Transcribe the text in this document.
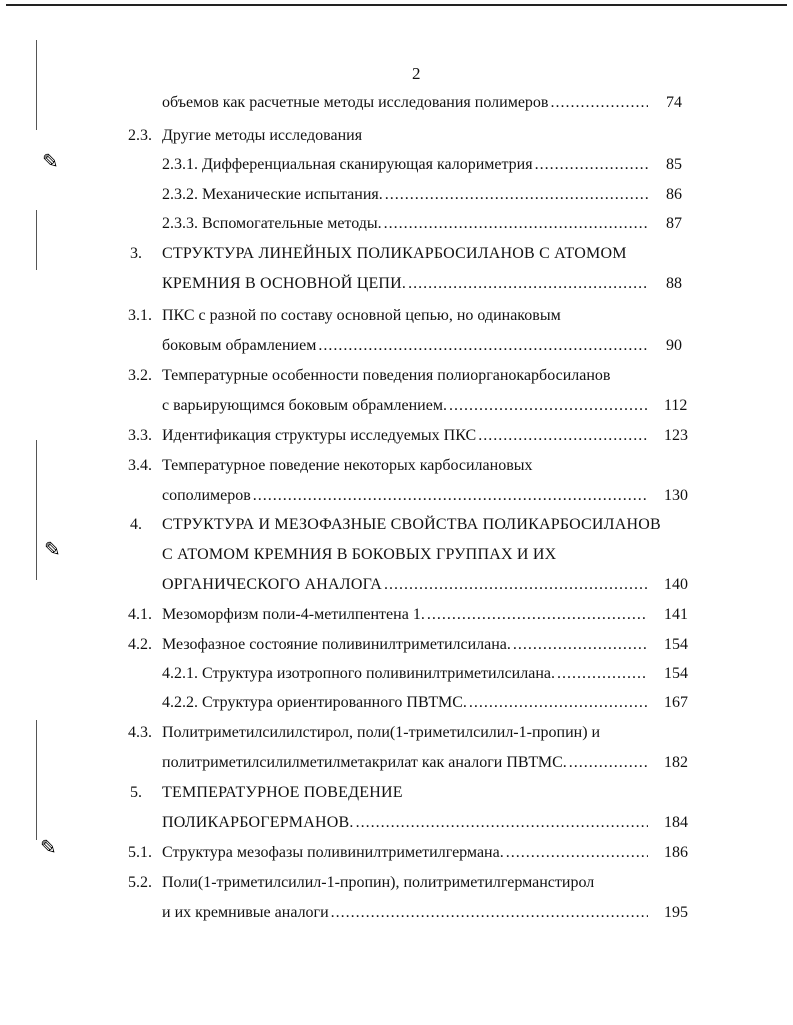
✎
✎
✎
2
объемов как расчетные методы исследования полимеров .....	74
2.3. Другие методы исследования
2.3.1. Дифференциальная сканирующая калориметрия .....	85
2.3.2. Механические испытания. .....	86
2.3.3. Вспомогательные методы. .....	87
3. СТРУКТУРА ЛИНЕЙНЫХ ПОЛИКАРБОСИЛАНОВ С АТОМОМ
КРЕМНИЯ В ОСНОВНОЙ ЦЕПИ. .....	88
3.1. ПКС с разной по составу основной цепью, но одинаковым
боковым обрамлением .....	90
3.2. Температурные особенности поведения полиорганокарбосиланов
с варьирующимся боковым обрамлением. .....	112
3.3. Идентификация структуры исследуемых ПКС .....	123
3.4. Температурное поведение некоторых карбосилановых
сополимеров .....	130
4. СТРУКТУРА И МЕЗОФАЗНЫЕ СВОЙСТВА ПОЛИКАРБОСИЛАНОВ
С АТОМОМ КРЕМНИЯ В БОКОВЫХ ГРУППАХ И ИХ
ОРГАНИЧЕСКОГО АНАЛОГА .....	140
4.1. Мезоморфизм поли-4-метилпентена 1. .....	141
4.2. Мезофазное состояние поливинилтриметилсилана. .....	154
4.2.1. Структура изотропного поливинилтриметилсилана. .....	154
4.2.2. Структура ориентированного ПВТМС. .....	167
4.3. Политриметилсилилстирол, поли(1-триметилсилил-1-пропин) и
политриметилсилилметилметакрилат как аналоги ПВТМС. .....	182
5. ТЕМПЕРАТУРНОЕ ПОВЕДЕНИЕ
ПОЛИКАРБОГЕРМАНОВ. .....	184
5.1. Структура мезофазы поливинилтриметилгермана. .....	186
5.2. Поли(1-триметилсилил-1-пропин), политриметилгерманстирол
и их кремнивые аналоги .....	195
